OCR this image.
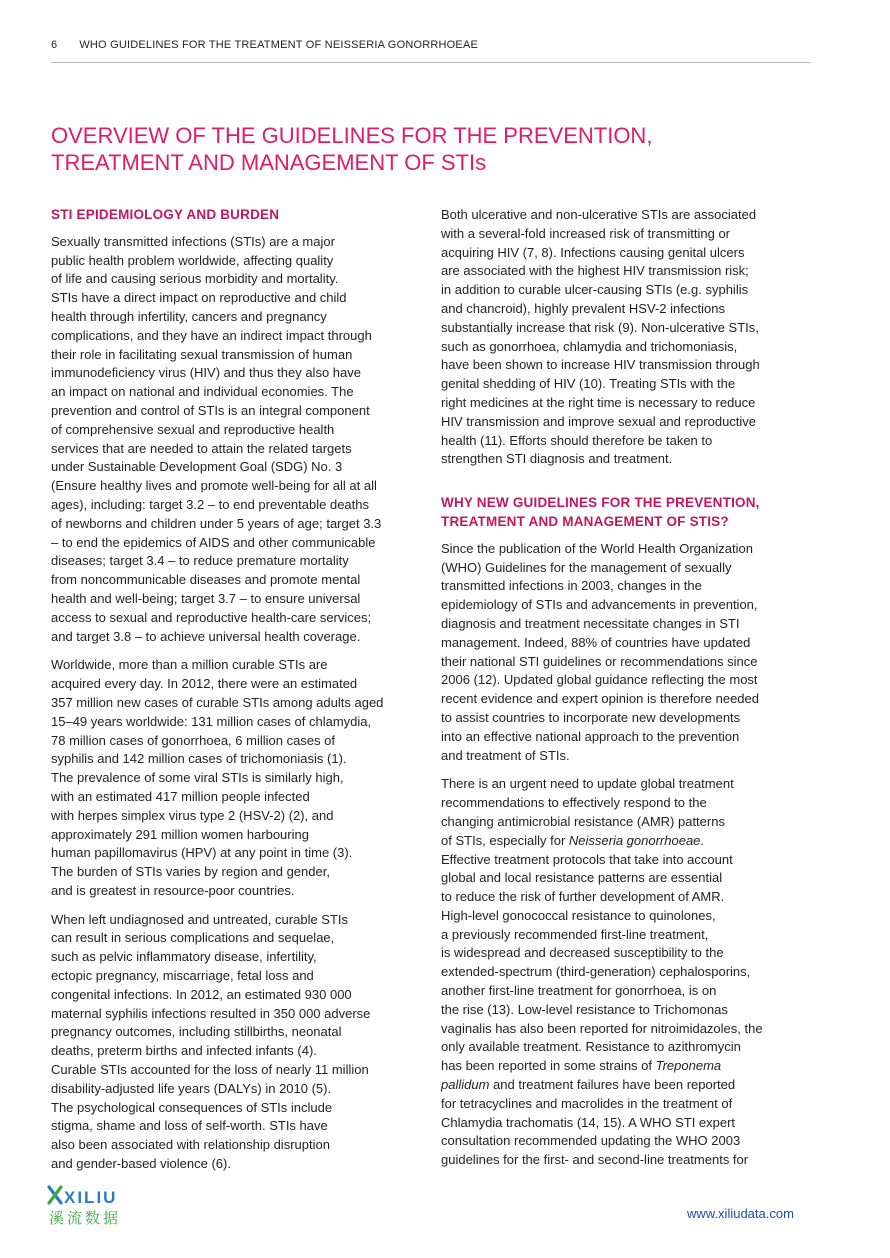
6 WHO GUIDELINES FOR THE TREATMENT OF NEISSERIA GONORRHOEAE
OVERVIEW OF THE GUIDELINES FOR THE PREVENTION,
TREATMENT AND MANAGEMENT OF STIs
STI EPIDEMIOLOGY AND BURDEN

Sexually transmitted infections (STIs) are a major
public health problem worldwide, affecting quality
of life and causing serious morbidity and mortality.
STIs have a direct impact on reproductive and child
health through infertility, cancers and pregnancy
complications, and they have an indirect impact through
their role in facilitating sexual transmission of human
immunodeficiency virus (HIV) and thus they also have
an impact on national and individual economies. The
prevention and control of STIs is an integral component
of comprehensive sexual and reproductive health
services that are needed to attain the related targets
under Sustainable Development Goal (SDG) No. 3
(Ensure healthy lives and promote well-being for all at all
ages), including: target 3.2 – to end preventable deaths
of newborns and children under 5 years of age; target 3.3
– to end the epidemics of AIDS and other communicable
diseases; target 3.4 – to reduce premature mortality
from noncommunicable diseases and promote mental
health and well-being; target 3.7 – to ensure universal
access to sexual and reproductive health-care services;
and target 3.8 – to achieve universal health coverage.

Worldwide, more than a million curable STIs are
acquired every day. In 2012, there were an estimated
357 million new cases of curable STIs among adults aged
15–49 years worldwide: 131 million cases of chlamydia,
78 million cases of gonorrhoea, 6 million cases of
syphilis and 142 million cases of trichomoniasis (1).
The prevalence of some viral STIs is similarly high,
with an estimated 417 million people infected
with herpes simplex virus type 2 (HSV-2) (2), and
approximately 291 million women harbouring
human papillomavirus (HPV) at any point in time (3).
The burden of STIs varies by region and gender,
and is greatest in resource-poor countries.

When left undiagnosed and untreated, curable STIs
can result in serious complications and sequelae,
such as pelvic inflammatory disease, infertility,
ectopic pregnancy, miscarriage, fetal loss and
congenital infections. In 2012, an estimated 930 000
maternal syphilis infections resulted in 350 000 adverse
pregnancy outcomes, including stillbirths, neonatal
deaths, preterm births and infected infants (4).
Curable STIs accounted for the loss of nearly 11 million
disability-adjusted life years (DALYs) in 2010 (5).
The psychological consequences of STIs include
stigma, shame and loss of self-worth. STIs have
also been associated with relationship disruption
and gender-based violence (6).

Both ulcerative and non-ulcerative STIs are associated
with a several-fold increased risk of transmitting or
acquiring HIV (7, 8). Infections causing genital ulcers
are associated with the highest HIV transmission risk;
in addition to curable ulcer-causing STIs (e.g. syphilis
and chancroid), highly prevalent HSV-2 infections
substantially increase that risk (9). Non-ulcerative STIs,
such as gonorrhoea, chlamydia and trichomoniasis,
have been shown to increase HIV transmission through
genital shedding of HIV (10). Treating STIs with the
right medicines at the right time is necessary to reduce
HIV transmission and improve sexual and reproductive
health (11). Efforts should therefore be taken to
strengthen STI diagnosis and treatment.

WHY NEW GUIDELINES FOR THE PREVENTION,
TREATMENT AND MANAGEMENT OF STIS?

Since the publication of the World Health Organization
(WHO) Guidelines for the management of sexually
transmitted infections in 2003, changes in the
epidemiology of STIs and advancements in prevention,
diagnosis and treatment necessitate changes in STI
management. Indeed, 88% of countries have updated
their national STI guidelines or recommendations since
2006 (12). Updated global guidance reflecting the most
recent evidence and expert opinion is therefore needed
to assist countries to incorporate new developments
into an effective national approach to the prevention
and treatment of STIs.

There is an urgent need to update global treatment
recommendations to effectively respond to the
changing antimicrobial resistance (AMR) patterns
of STIs, especially for Neisseria gonorrhoeae.
Effective treatment protocols that take into account
global and local resistance patterns are essential
to reduce the risk of further development of AMR.
High-level gonococcal resistance to quinolones,
a previously recommended first-line treatment,
is widespread and decreased susceptibility to the
extended-spectrum (third-generation) cephalosporins,
another first-line treatment for gonorrhoea, is on
the rise (13). Low-level resistance to Trichomonas
vaginalis has also been reported for nitroimidazoles, the
only available treatment. Resistance to azithromycin
has been reported in some strains of Treponema
pallidum and treatment failures have been reported
for tetracyclines and macrolides in the treatment of
Chlamydia trachomatis (14, 15). A WHO STI expert
consultation recommended updating the WHO 2003
guidelines for the first- and second-line treatments for

XILIU
溪流数据	www.xiliudata.com
